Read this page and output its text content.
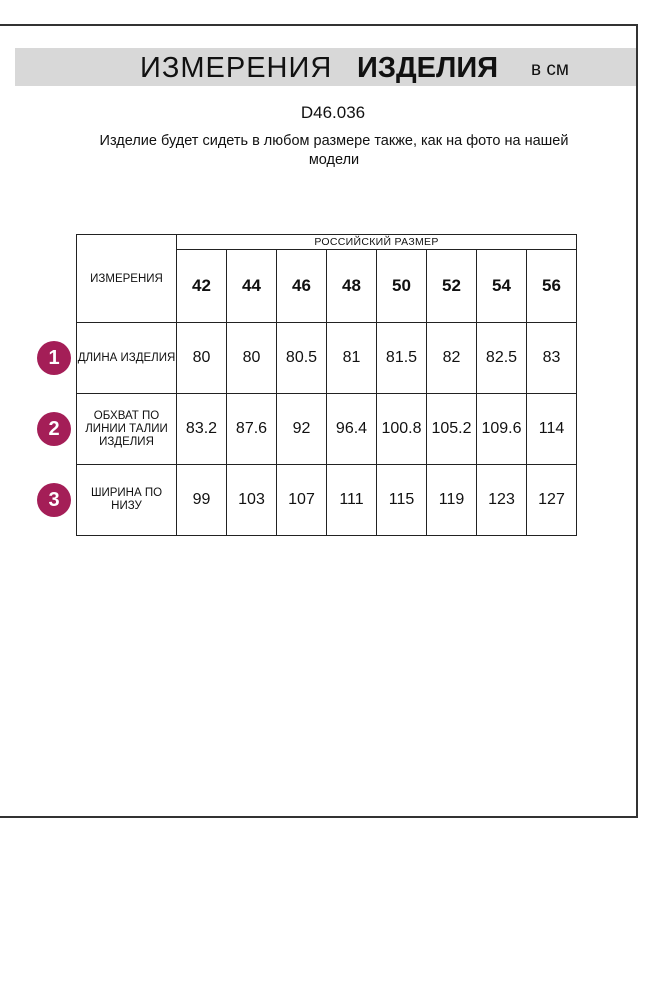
ИЗМЕРЕНИЯ ИЗДЕЛИЯ в см
D46.036
Изделие будет сидеть в любом размере также, как на фото на нашей модели
ИЗМЕРЕНИЯ	РОССИЙСКИЙ РАЗМЕР							
	42	44	46	48	50	52	54	56
ДЛИНА ИЗДЕЛИЯ	80	80	80.5	81	81.5	82	82.5	83
ОБХВАТ ПО ЛИНИИ ТАЛИИ ИЗДЕЛИЯ	83.2	87.6	92	96.4	100.8	105.2	109.6	114
ШИРИНА ПО НИЗУ	99	103	107	111	115	119	123	127
1
2
3
